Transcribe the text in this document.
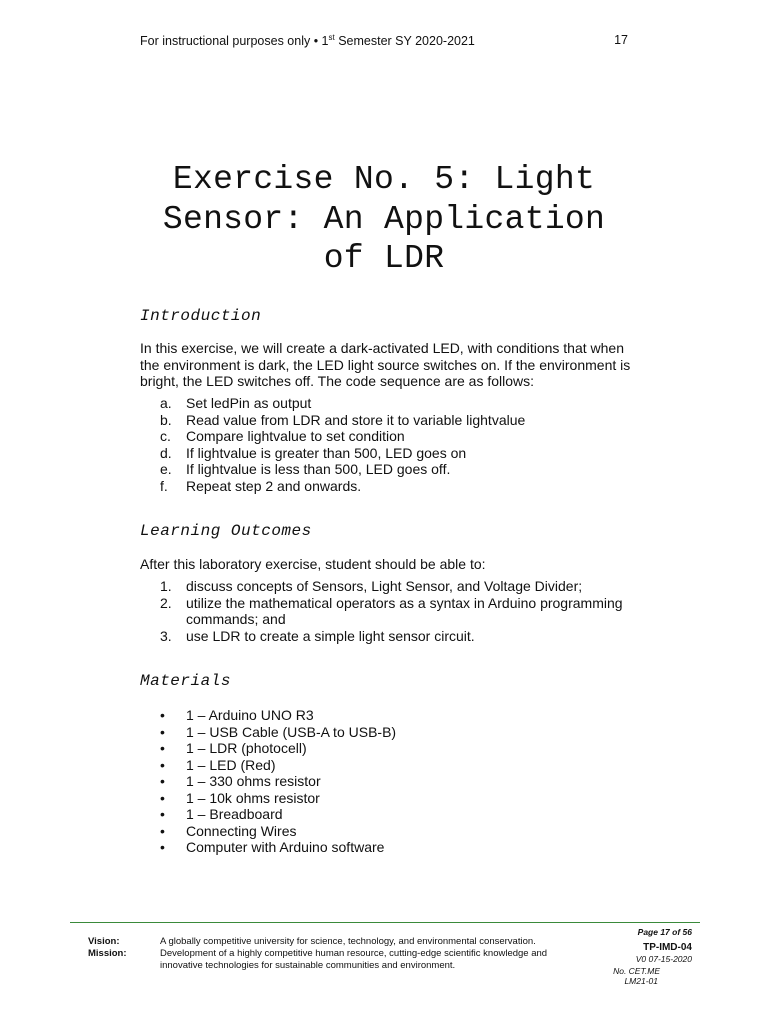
For instructional purposes only • 1st Semester SY 2020-2021	17
Exercise No. 5: Light
Sensor: An Application
of LDR
Introduction
In this exercise, we will create a dark-activated LED, with conditions that when the environment is dark, the LED light source switches on. If the environment is bright, the LED switches off. The code sequence are as follows:
a.	Set ledPin as output
b.	Read value from LDR and store it to variable lightvalue
c.	Compare lightvalue to set condition
d.	If lightvalue is greater than 500, LED goes on
e.	If lightvalue is less than 500, LED goes off.
f.	Repeat step 2 and onwards.
Learning Outcomes
After this laboratory exercise, student should be able to:
1.	discuss concepts of Sensors, Light Sensor, and Voltage Divider;
2.	utilize the mathematical operators as a syntax in Arduino programming commands; and
3.	use LDR to create a simple light sensor circuit.
Materials
•	1 – Arduino UNO R3
•	1 – USB Cable (USB-A to USB-B)
•	1 – LDR (photocell)
•	1 – LED (Red)
•	1 – 330 ohms resistor
•	1 – 10k ohms resistor
•	1 – Breadboard
•	Connecting Wires
•	Computer with Arduino software
Vision:	A globally competitive university for science, technology, and environmental conservation.
Mission:	Development of a highly competitive human resource, cutting-edge scientific knowledge and innovative technologies for sustainable communities and environment.
Page 17 of 56
TP-IMD-04
V0 07-15-2020
No. CET.ME
LM21-01
